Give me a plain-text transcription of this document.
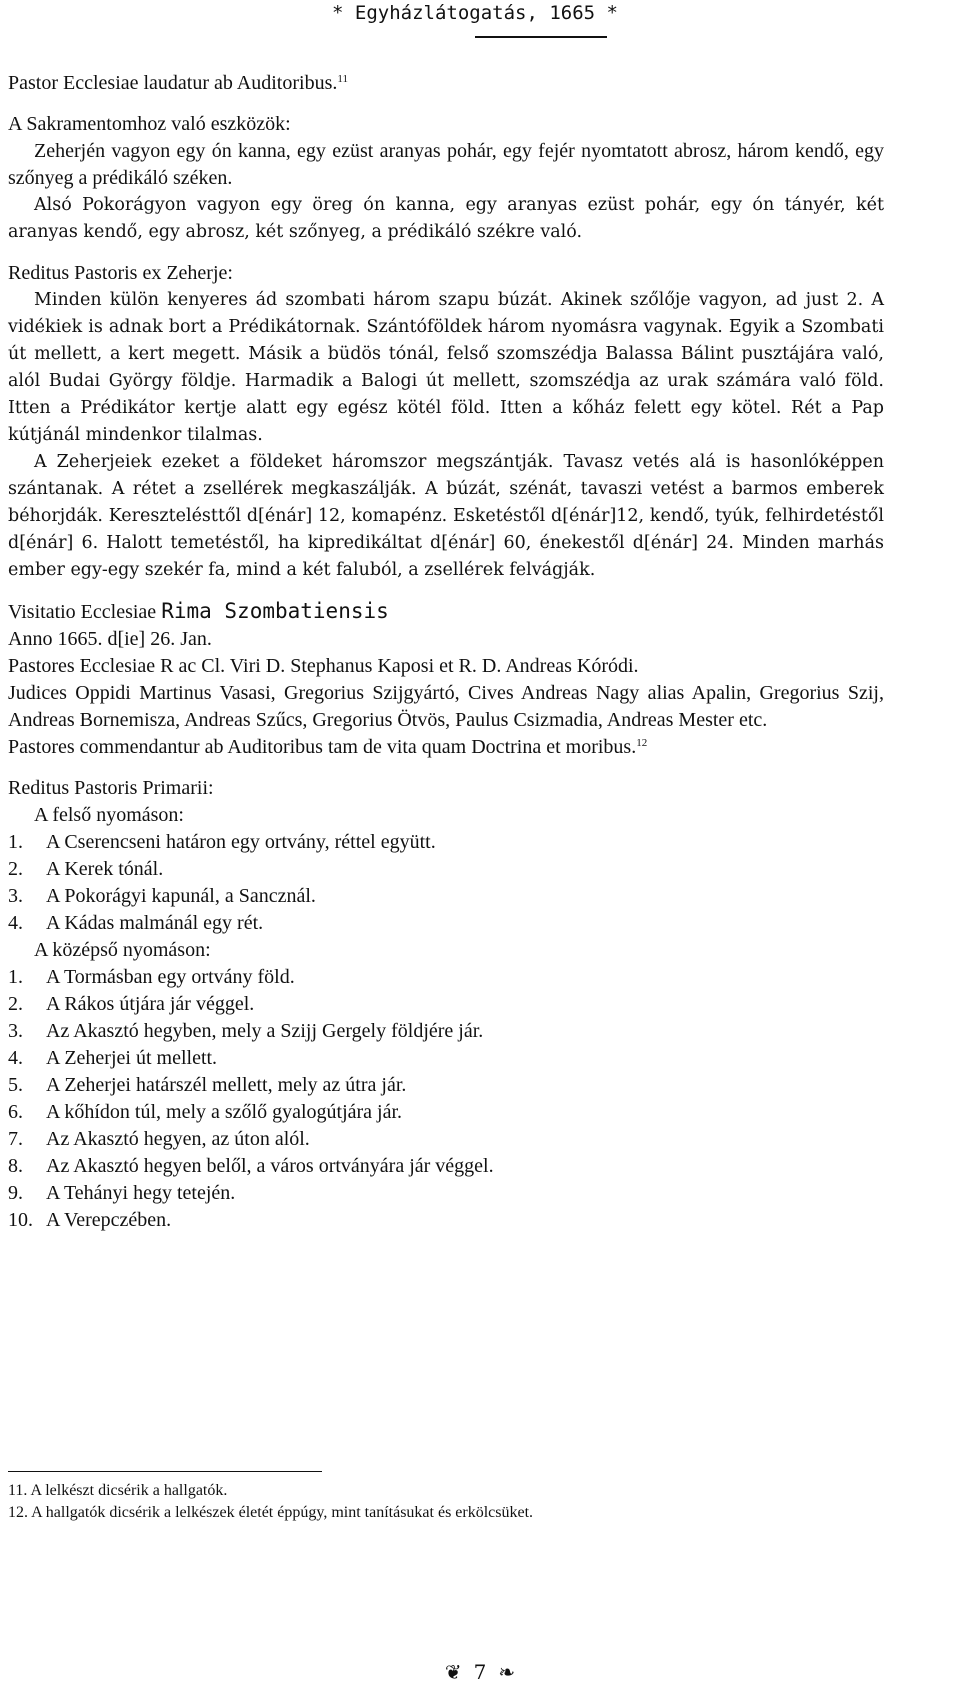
* Egyházlátogatás, 1665 *

Pastor Ecclesiae laudatur ab Auditoribus.$^{11}$

A Sakramentomhoz való eszközök:

Zeherjén vagyon egy ón kanna, egy ezüst aranyas pohár, egy fejér nyomtatott abrosz, három kendő, egy szőnyeg a prédikáló széken.

Alsó Pokorágyon vagyon egy öreg ón kanna, egy aranyas ezüst pohár, egy ón tányér, két aranyas kendő, egy abrosz, két szőnyeg, a prédikáló székre való.

Reditus Pastoris ex Zeherje:

Minden külön kenyeres ád szombati három szapu búzát. Akinek szőlője vagyon, ad just 2. A vidékiek is adnak bort a Prédikátornak. Szántóföldek három nyomásra vagynak. Egyik a Szombati út mellett, a kert megett. Másik a büdös tónál, felső szomszédja Balassa Bálint pusztájára való, alól Budai György földje. Harmadik a Balogi út mellett, szomszédja az urak számára való föld. Itten a Prédikátor kertje alatt egy egész kötél föld. Itten a kőház felett egy kötel. Rét a Pap kútjánál mindenkor tilalmas.

A Zeherjeiek ezeket a földeket háromszor megszántják. Tavasz vetés alá is hasonlóképpen szántanak. A rétet a zsellérek megkaszálják. A búzát, szénát, tavaszi vetést a barmos emberek béhorjdák. Keresztelésttől d[énár] 12, komapénz. Esketéstől d[énár]12, kendő, tyúk, felhirdetéstől d[énár] 6. Halott temetéstől, ha kipredikáltat d[énár] 60, énekestől d[énár] 24. Minden marhás ember egy-egy szekér fa, mind a két faluból, a zsellérek felvágják.

Visitatio Ecclesiae Rima Szombatiensis

Anno 1665. d[ie] 26. Jan.

Pastores Ecclesiae R ac Cl. Viri D. Stephanus Kaposi et R. D. Andreas Kóródi.

Judices Oppidi Martinus Vasasi, Gregorius Szijgyártó, Cives Andreas Nagy alias Apalin, Gregorius Szij, Andreas Bornemisza, Andreas Szűcs, Gregorius Ötvös, Paulus Csizmadia, Andreas Mester etc.

Pastores commendantur ab Auditoribus tam de vita quam Doctrina et moribus.$^{12}$

Reditus Pastoris Primarii:

A felső nyomáson:

1.	A Cserencseni határon egy ortvány, réttel együtt.
2.	A Kerek tónál.
3.	A Pokorágyi kapunál, a Sancznál.
4.	A Kádas malmánál egy rét.

A középső nyomáson:

1.	A Tormásban egy ortvány föld.
2.	A Rákos útjára jár véggel.
3.	Az Akasztó hegyben, mely a Szijj Gergely földjére jár.
4.	A Zeherjei út mellett.
5.	A Zeherjei határszél mellett, mely az útra jár.
6.	A kőhídon túl, mely a szőlő gyalogútjára jár.
7.	Az Akasztó hegyen, az úton alól.
8.	Az Akasztó hegyen belől, a város ortványára jár véggel.
9.	A Tehányi hegy tetején.
10. A Verepczében.
11. A lelkészt dicsérik a hallgatók.
12. A hallgatók dicsérik a lelkészek életét éppúgy, mint tanításukat és erkölcsüket.
❦ 7 ❧
